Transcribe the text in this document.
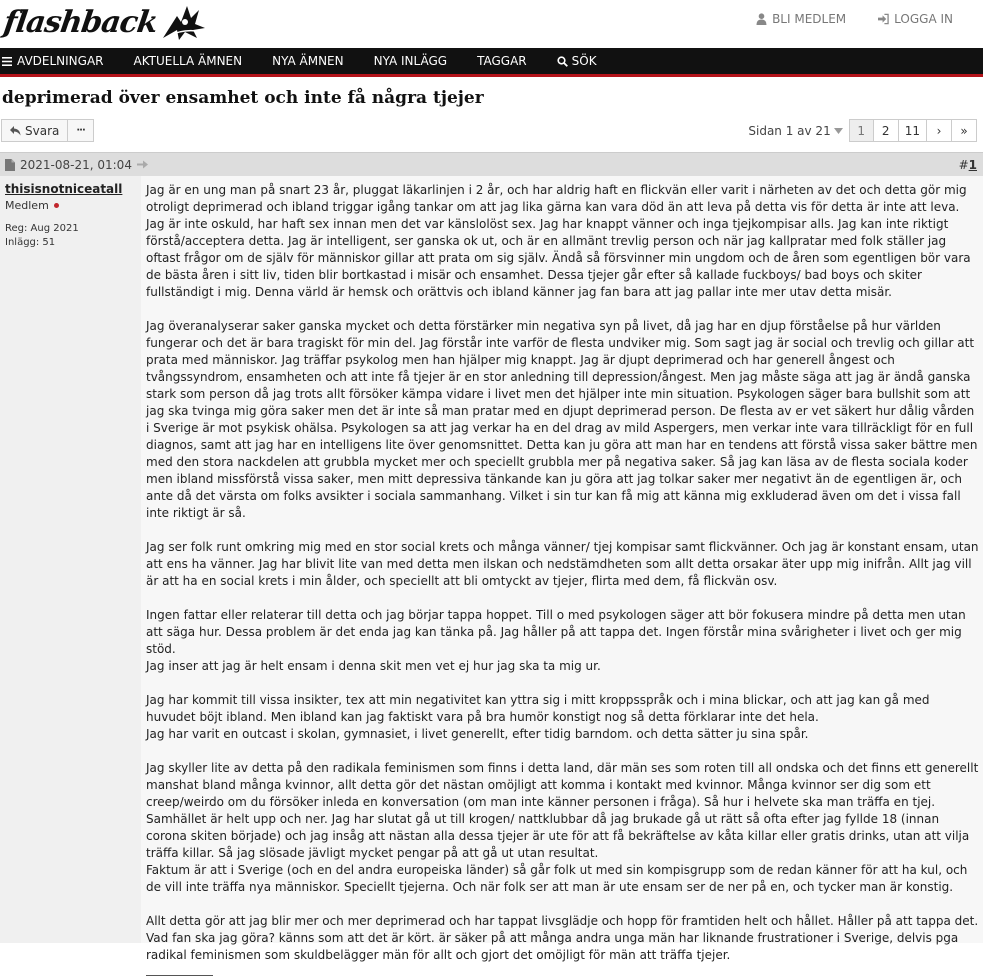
flashback	BLI MEDLEM	LOGGA IN
AVDELNINGAR	AKTUELLA ÄMNEN	NYA ÄMNEN	NYA INLÄGG	TAGGAR	SÖK
deprimerad över ensamhet och inte få några tjejer
Svara ···	Sidan 1 av 21	1	2	11	›	»
2021-08-21, 01:04	#1
thisisnotniceatall
Medlem
Reg: Aug 2021
Inlägg: 51

Jag är en ung man på snart 23 år, pluggat läkarlinjen i 2 år, och har aldrig haft en flickvän eller varit i närheten av det och detta gör mig otroligt deprimerad och ibland triggar igång tankar om att jag lika gärna kan vara död än att leva på detta vis för detta är inte att leva. Jag är inte oskuld, har haft sex innan men det var känslolöst sex. Jag har knappt vänner och inga tjejkompisar alls. Jag kan inte riktigt förstå/acceptera detta. Jag är intelligent, ser ganska ok ut, och är en allmänt trevlig person och när jag kallpratar med folk ställer jag oftast frågor om de själv för människor gillar att prata om sig själv. Ändå så försvinner min ungdom och de åren som egentligen bör vara de bästa åren i sitt liv, tiden blir bortkastad i misär och ensamhet. Dessa tjejer går efter så kallade fuckboys/ bad boys och skiter fullständigt i mig. Denna värld är hemsk och orättvis och ibland känner jag fan bara att jag pallar inte mer utav detta misär.

Jag överanalyserar saker ganska mycket och detta förstärker min negativa syn på livet, då jag har en djup förståelse på hur världen fungerar och det är bara tragiskt för min del. Jag förstår inte varför de flesta undviker mig. Som sagt jag är social och trevlig och gillar att prata med människor. Jag träffar psykolog men han hjälper mig knappt. Jag är djupt deprimerad och har generell ångest och tvångssyndrom, ensamheten och att inte få tjejer är en stor anledning till depression/ångest. Men jag måste säga att jag är ändå ganska stark som person då jag trots allt försöker kämpa vidare i livet men det hjälper inte min situation. Psykologen säger bara bullshit som att jag ska tvinga mig göra saker men det är inte så man pratar med en djupt deprimerad person. De flesta av er vet säkert hur dålig vården i Sverige är mot psykisk ohälsa. Psykologen sa att jag verkar ha en del drag av mild Aspergers, men verkar inte vara tillräckligt för en full diagnos, samt att jag har en intelligens lite över genomsnittet. Detta kan ju göra att man har en tendens att förstå vissa saker bättre men med den stora nackdelen att grubbla mycket mer och speciellt grubbla mer på negativa saker. Så jag kan läsa av de flesta sociala koder men ibland missförstå vissa saker, men mitt depressiva tänkande kan ju göra att jag tolkar saker mer negativt än de egentligen är, och ante då det värsta om folks avsikter i sociala sammanhang. Vilket i sin tur kan få mig att känna mig exkluderad även om det i vissa fall inte riktigt är så.

Jag ser folk runt omkring mig med en stor social krets och många vänner/ tjej kompisar samt flickvänner. Och jag är konstant ensam, utan att ens ha vänner. Jag har blivit lite van med detta men ilskan och nedstämdheten som allt detta orsakar äter upp mig inifrån. Allt jag vill är att ha en social krets i min ålder, och speciellt att bli omtyckt av tjejer, flirta med dem, få flickvän osv.

Ingen fattar eller relaterar till detta och jag börjar tappa hoppet. Till o med psykologen säger att bör fokusera mindre på detta men utan att säga hur. Dessa problem är det enda jag kan tänka på. Jag håller på att tappa det. Ingen förstår mina svårigheter i livet och ger mig stöd.
Jag inser att jag är helt ensam i denna skit men vet ej hur jag ska ta mig ur.

Jag har kommit till vissa insikter, tex att min negativitet kan yttra sig i mitt kroppsspråk och i mina blickar, och att jag kan gå med huvudet böjt ibland. Men ibland kan jag faktiskt vara på bra humör konstigt nog så detta förklarar inte det hela.
Jag har varit en outcast i skolan, gymnasiet, i livet generellt, efter tidig barndom. och detta sätter ju sina spår.

Jag skyller lite av detta på den radikala feminismen som finns i detta land, där män ses som roten till all ondska och det finns ett generellt manshat bland många kvinnor, allt detta gör det nästan omöjligt att komma i kontakt med kvinnor. Många kvinnor ser dig som ett creep/weirdo om du försöker inleda en konversation (om man inte känner personen i fråga). Så hur i helvete ska man träffa en tjej. Samhället är helt upp och ner. Jag har slutat gå ut till krogen/ nattklubbar då jag brukade gå ut rätt så ofta efter jag fyllde 18 (innan corona skiten började) och jag insåg att nästan alla dessa tjejer är ute för att få bekräftelse av kåta killar eller gratis drinks, utan att vilja träffa killar. Så jag slösade jävligt mycket pengar på att gå ut utan resultat.
Faktum är att i Sverige (och en del andra europeiska länder) så går folk ut med sin kompisgrupp som de redan känner för att ha kul, och de vill inte träffa nya människor. Speciellt tjejerna. Och när folk ser att man är ute ensam ser de ner på en, och tycker man är konstig.

Allt detta gör att jag blir mer och mer deprimerad och har tappat livsglädje och hopp för framtiden helt och hållet. Håller på att tappa det. Vad fan ska jag göra? känns som att det är kört. är säker på att många andra unga män har liknande frustrationer i Sverige, delvis pga radikal feminismen som skuldbelägger män för allt och gjort det omöjligt för män att träffa tjejer.
